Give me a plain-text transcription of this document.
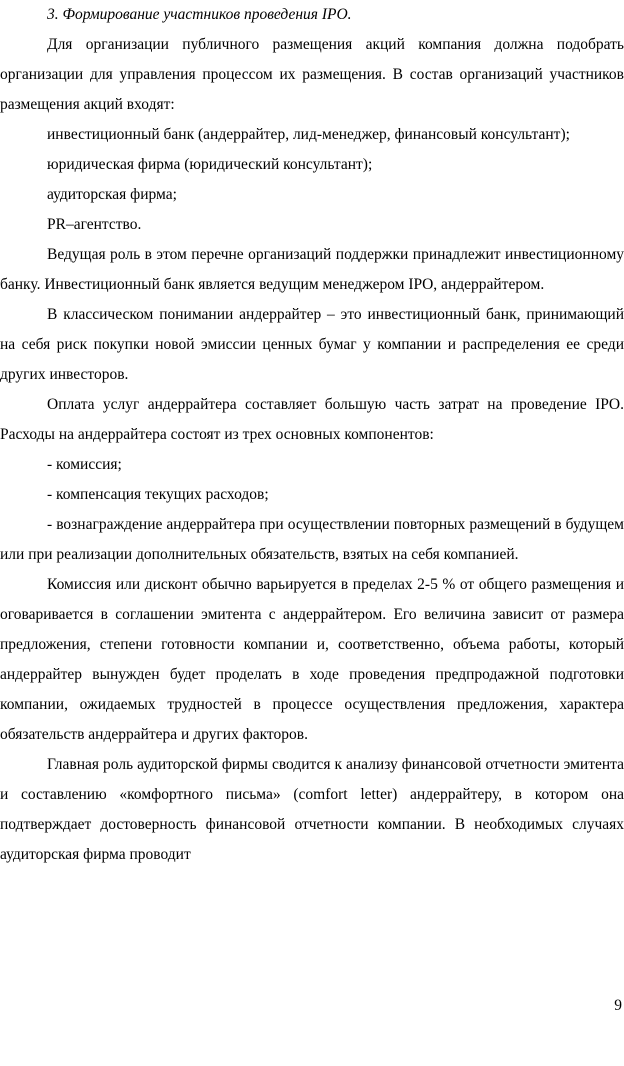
3. Формирование участников проведения IPO.

Для организации публичного размещения акций компания должна подобрать организации для управления процессом их размещения. В состав организаций участников размещения акций входят:

инвестиционный банк (андеррайтер, лид-менеджер, финансовый консультант);

юридическая фирма (юридический консультант);

аудиторская фирма;

PR–агентство.

Ведущая роль в этом перечне организаций поддержки принадлежит инвестиционному банку. Инвестиционный банк является ведущим менеджером IPO, андеррайтером.

В классическом понимании андеррайтер – это инвестиционный банк, принимающий на себя риск покупки новой эмиссии ценных бумаг у компании и распределения ее среди других инвесторов.

Оплата услуг андеррайтера составляет большую часть затрат на проведение IPO. Расходы на андеррайтера состоят из трех основных компонентов:

- комиссия;

- компенсация текущих расходов;

- вознаграждение андеррайтера при осуществлении повторных размещений в будущем или при реализации дополнительных обязательств, взятых на себя компанией.

Комиссия или дисконт обычно варьируется в пределах 2-5 % от общего размещения и оговаривается в соглашении эмитента с андеррайтером. Его величина зависит от размера предложения, степени готовности компании и, соответственно, объема работы, который андеррайтер вынужден будет проделать в ходе проведения предпродажной подготовки компании, ожидаемых трудностей в процессе осуществления предложения, характера обязательств андеррайтера и других факторов.

Главная роль аудиторской фирмы сводится к анализу финансовой отчетности эмитента и составлению «комфортного письма» (comfort letter) андеррайтеру, в котором она подтверждает достоверность финансовой отчетности компании. В необходимых случаях аудиторская фирма проводит

9
